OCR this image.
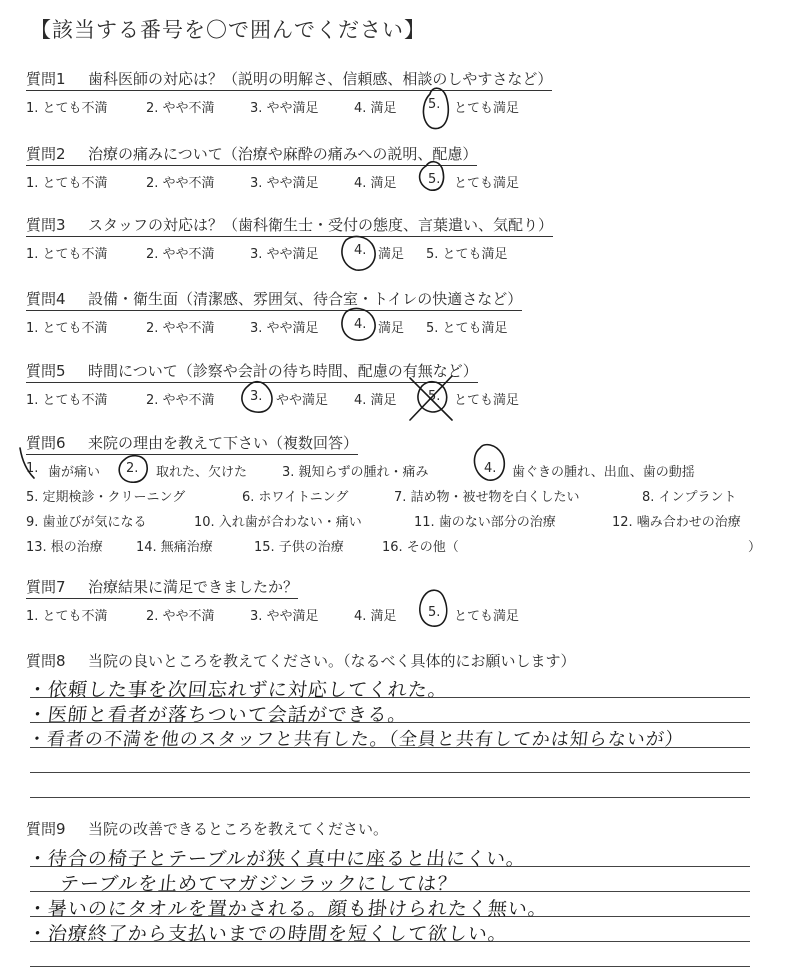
【該当する番号を〇で囲んでください】
質問1 歯科医師の対応は？（説明の明解さ、信頼感、相談のしやすさなど）
1. とても不満	2. やや不満	3. やや満足	4. 満足 5. とても満足
質問2 治療の痛みについて（治療や麻酔の痛みへの説明、配慮）
1. とても不満	2. やや不満	3. やや満足	4. 満足 5. とても満足
質問3 スタッフの対応は？（歯科衛生士・受付の態度、言葉遣い、気配り）
1. とても不満	2. やや不満	3. やや満足	4. 満足 5. とても満足
質問4 設備・衛生面（清潔感、雰囲気、待合室・トイレの快適さなど）
1. とても不満	2. やや不満	3. やや満足	4. 満足 5. とても満足
質問5 時間について（診察や会計の待ち時間、配慮の有無など）
1. とても不満	2. やや不満	3. やや満足 4. 満足 5. とても満足
質問6 来院の理由を教えて下さい（複数回答）
1. 歯が痛い 2. 取れた、欠けた	3. 親知らずの腫れ・痛み	4. 歯ぐきの腫れ、出血、歯の動揺
5. 定期検診・クリーニング	6. ホワイトニング	7. 詰め物・被せ物を白くしたい	8. インプラント
9. 歯並びが気になる	10. 入れ歯が合わない・痛い	11. 歯のない部分の治療	12. 噛み合わせの治療
13. 根の治療	14. 無痛治療	15. 子供の治療	16. その他（	）
質問7 治療結果に満足できましたか？
1. とても不満	2. やや不満	3. やや満足	4. 満足 5. とても満足
質問8	当院の良いところを教えてください。（なるべく具体的にお願いします）
・依頼した事を次回忘れずに対応してくれた。
・医師と看者が落ちついて会話ができる。
・看者の不満を他のスタッフと共有した。（全員と共有してかは知らないが）
質問9	当院の改善できるところを教えてください。
・待合の椅子とテーブルが狭く真中に座ると出にくい。
テーブルを止めてマガジンラックにしては？
・暑いのにタオルを置かされる。顔も掛けられたく無い。
・治療終了から支払いまでの時間を短くして欲しい。
